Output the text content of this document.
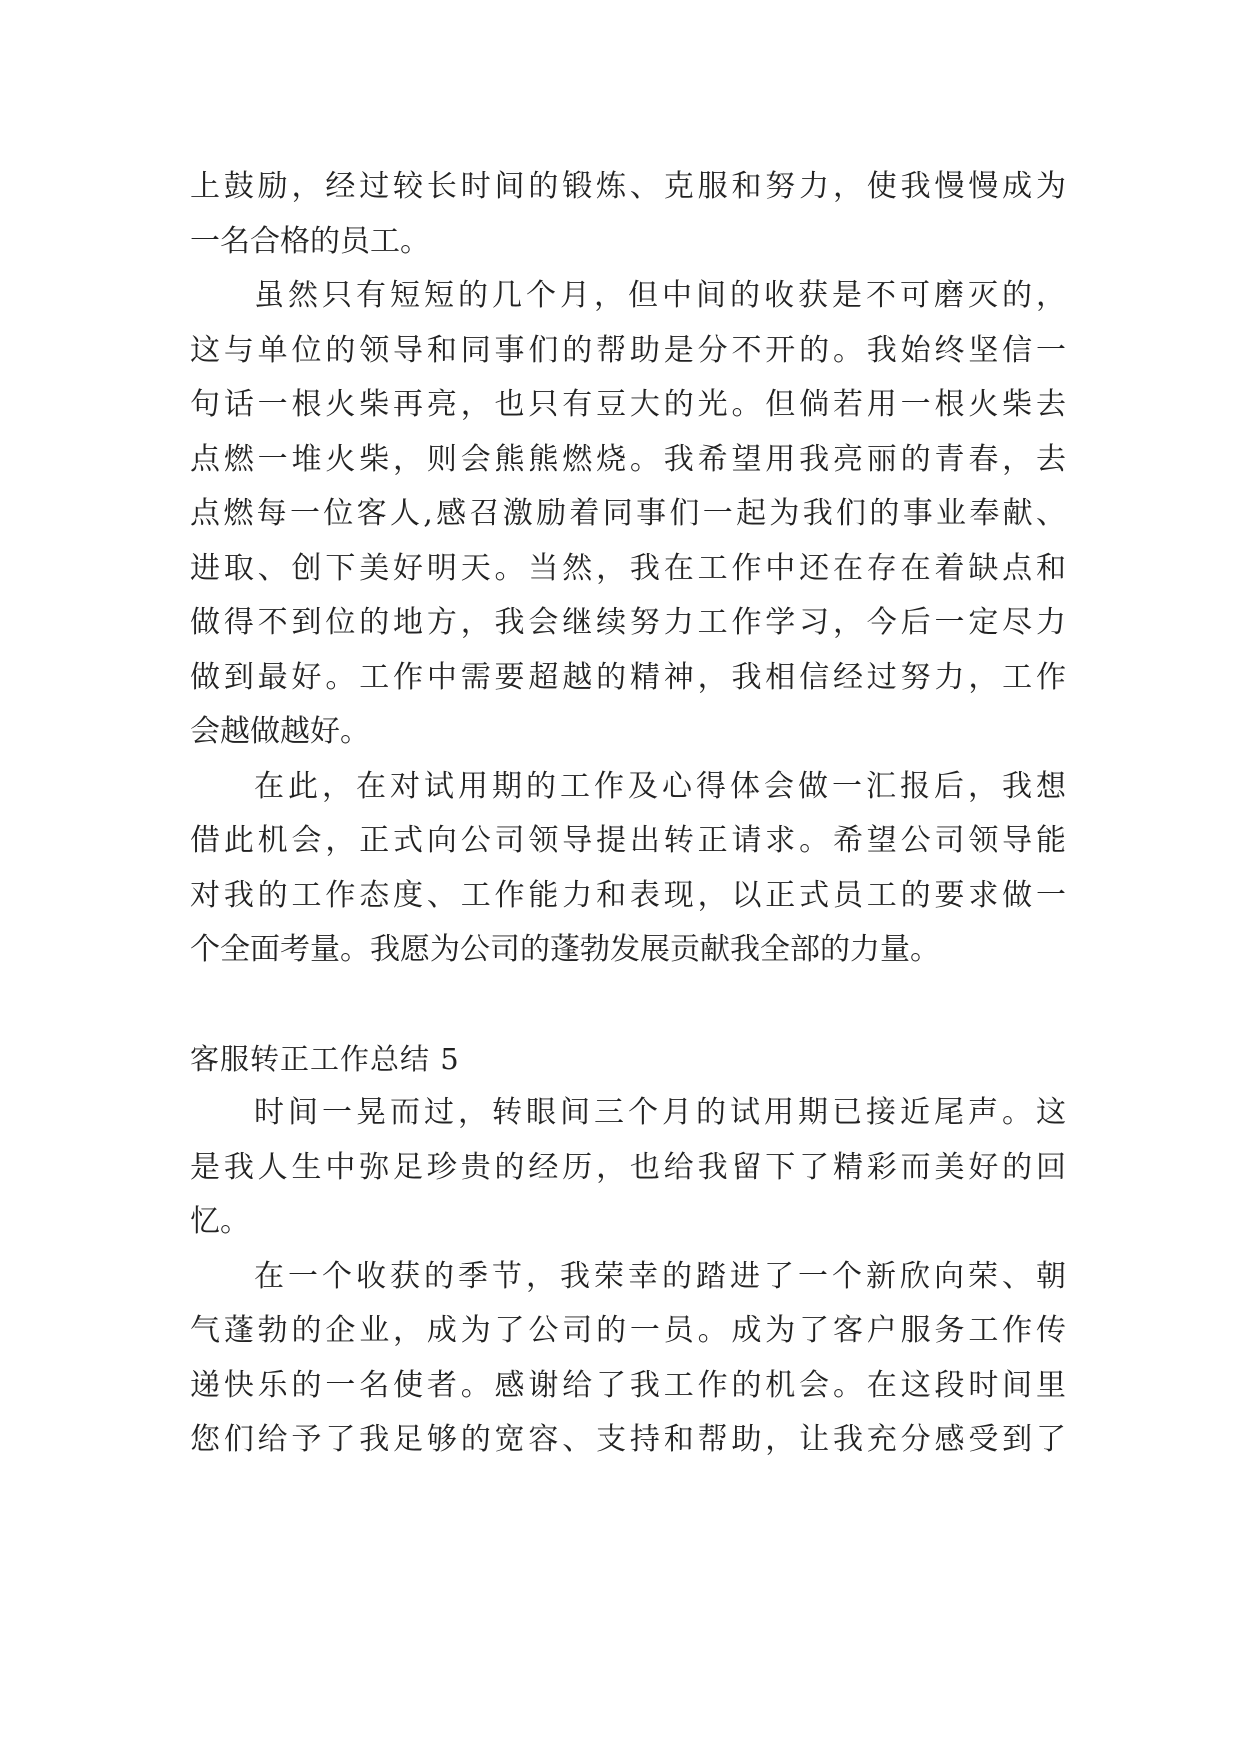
上鼓励，经过较长时间的锻炼、克服和努力，使我慢慢成为
一名合格的员工。
虽然只有短短的几个月，但中间的收获是不可磨灭的，
这与单位的领导和同事们的帮助是分不开的。我始终坚信一
句话一根火柴再亮，也只有豆大的光。但倘若用一根火柴去
点燃一堆火柴，则会熊熊燃烧。我希望用我亮丽的青春，去
点燃每一位客人,感召激励着同事们一起为我们的事业奉献、
进取、创下美好明天。当然，我在工作中还在存在着缺点和
做得不到位的地方，我会继续努力工作学习，今后一定尽力
做到最好。工作中需要超越的精神，我相信经过努力，工作
会越做越好。
在此，在对试用期的工作及心得体会做一汇报后，我想
借此机会，正式向公司领导提出转正请求。希望公司领导能
对我的工作态度、工作能力和表现，以正式员工的要求做一
个全面考量。我愿为公司的蓬勃发展贡献我全部的力量。
客服转正工作总结 5
时间一晃而过，转眼间三个月的试用期已接近尾声。这
是我人生中弥足珍贵的经历，也给我留下了精彩而美好的回
忆。
在一个收获的季节，我荣幸的踏进了一个新欣向荣、朝
气蓬勃的企业，成为了公司的一员。成为了客户服务工作传
递快乐的一名使者。感谢给了我工作的机会。在这段时间里
您们给予了我足够的宽容、支持和帮助，让我充分感受到了
